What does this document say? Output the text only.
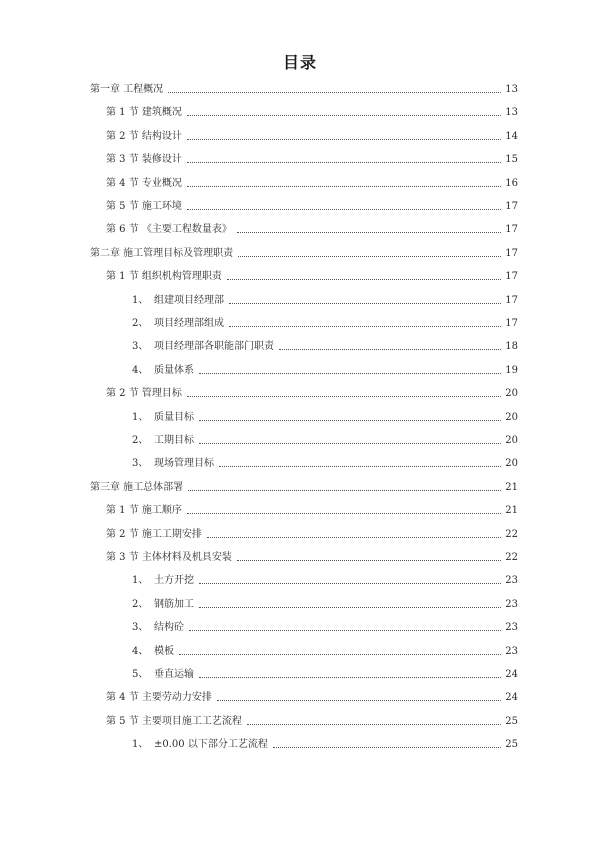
目录
第一章 工程概况	13
第 1 节 建筑概况	13
第 2 节 结构设计	14
第 3 节 装修设计	15
第 4 节 专业概况	16
第 5 节 施工环境	17
第 6 节 《主要工程数量表》	17
第二章 施工管理目标及管理职责	17
第 1 节 组织机构管理职责	17
1、 组建项目经理部	17
2、 项目经理部组成	17
3、 项目经理部各职能部门职责	18
4、 质量体系	19
第 2 节 管理目标	20
1、 质量目标	20
2、 工期目标	20
3、 现场管理目标	20
第三章 施工总体部署	21
第 1 节 施工顺序	21
第 2 节 施工工期安排	22
第 3 节 主体材料及机具安装	22
1、 土方开挖	23
2、 钢筋加工	23
3、 结构砼	23
4、 模板	23
5、 垂直运输	24
第 4 节 主要劳动力安排	24
第 5 节 主要项目施工工艺流程	25
1、 ±0.00 以下部分工艺流程	25
